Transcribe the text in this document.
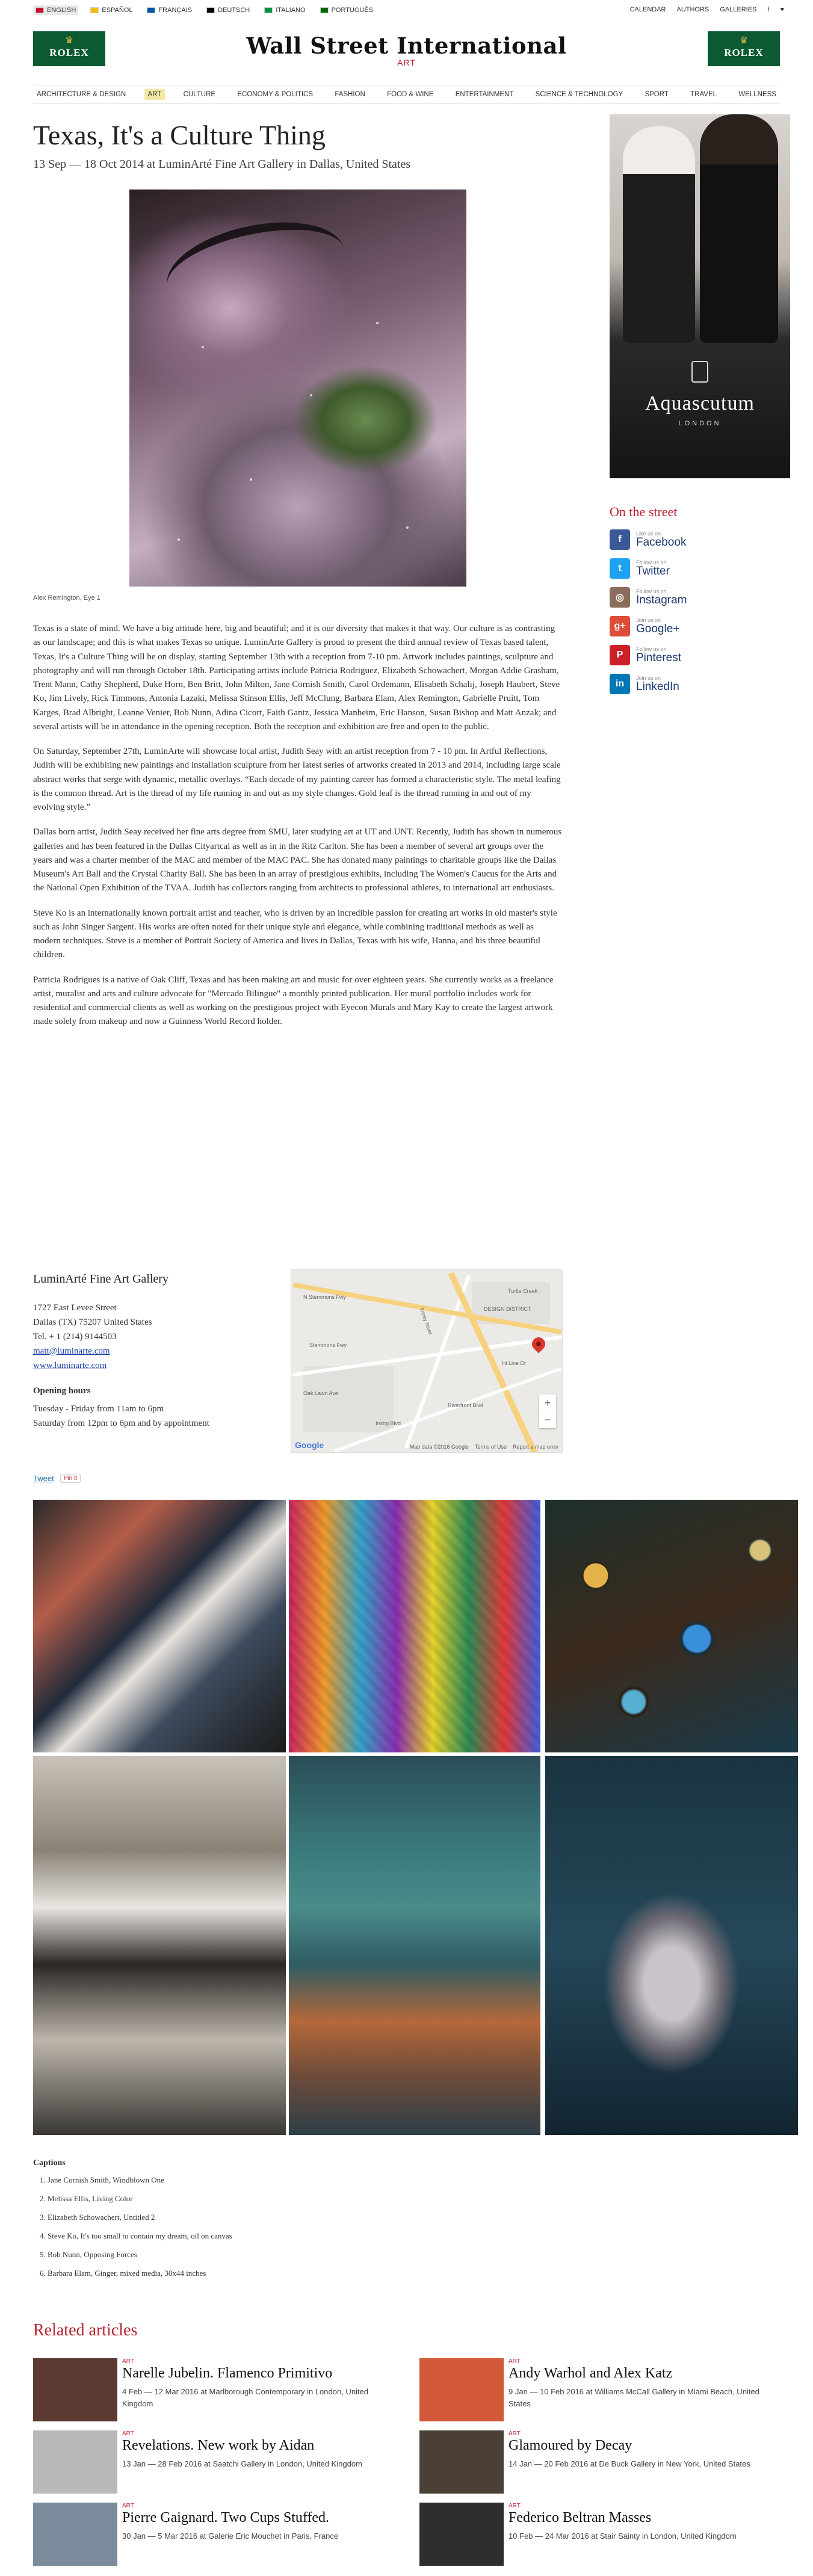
ENGLISH	ESPAÑOL	FRANÇAIS	DEUTSCH	ITALIANO	PORTUGUÊS	CALENDAR AUTHORS GALLERIES f ♥
♛
ROLEX	Wall Street International
ART
♛
ROLEX
ARCHITECTURE & DESIGN	ART	CULTURE	ECONOMY & POLITICS	FASHION	FOOD & WINE	ENTERTAINMENT	SCIENCE & TECHNOLOGY	SPORT	TRAVEL	WELLNESS
Texas, It's a Culture Thing
13 Sep — 18 Oct 2014 at LuminArté Fine Art Gallery in Dallas, United States
Alex Remington, Eye 1

Texas is a state of mind. We have a big attitude here, big and beautiful; and it is our diversity that makes it that way. Our culture is as contrasting as our landscape; and this is what makes Texas so unique. LuminArte Gallery is proud to present the third annual review of Texas based talent, Texas, It's a Culture Thing will be on display, starting September 13th with a reception from 7-10 pm. Artwork includes paintings, sculpture and photography and will run through October 18th. Participating artists include Patricia Rodriguez, Elizabeth Schowachert, Morgan Addie Grasham, Trent Mann, Cathy Shepherd, Duke Horn, Ben Britt, John Milton, Jane Cornish Smith, Carol Ordemann, Elisabeth Schalij, Joseph Haubert, Steve Ko, Jim Lively, Rick Timmons, Antonia Lazaki, Melissa Stinson Ellis, Jeff McClung, Barbara Elam, Alex Remington, Gabrielle Pruitt, Tom Karges, Brad Albright, Leanne Venier, Bob Nunn, Adina Cicort, Faith Gantz, Jessica Manheim, Eric Hanson, Susan Bishop and Matt Anzak; and several artists will be in attendance in the opening reception. Both the reception and exhibition are free and open to the public.

On Saturday, September 27th, LuminArte will showcase local artist, Judith Seay with an artist reception from 7 - 10 pm. In Artful Reflections, Judith will be exhibiting new paintings and installation sculpture from her latest series of artworks created in 2013 and 2014, including large scale abstract works that serge with dynamic, metallic overlays. “Each decade of my painting career has formed a characteristic style. The metal leafing is the common thread. Art is the thread of my life running in and out as my style changes. Gold leaf is the thread running in and out of my evolving style.”

Dallas born artist, Judith Seay received her fine arts degree from SMU, later studying art at UT and UNT. Recently, Judith has shown in numerous galleries and has been featured in the Dallas Cityartcal as well as in in the Ritz Carlton. She has been a member of several art groups over the years and was a charter member of the MAC and member of the MAC PAC. She has donated many paintings to charitable groups like the Dallas Museum's Art Ball and the Crystal Charity Ball. She has been in an array of prestigious exhibits, including The Women's Caucus for the Arts and the National Open Exhibition of the TVAA. Judith has collectors ranging from architects to professional athletes, to international art enthusiasts.

Steve Ko is an internationally known portrait artist and teacher, who is driven by an incredible passion for creating art works in old master's style such as John Singer Sargent. His works are often noted for their unique style and elegance, while combining traditional methods as well as modern techniques. Steve is a member of Portrait Society of America and lives in Dallas, Texas with his wife, Hanna, and his three beautiful children.

Patricia Rodrigues is a native of Oak Cliff, Texas and has been making art and music for over eighteen years. She currently works as a freelance artist, muralist and arts and culture advocate for "Mercado Bilingue" a monthly printed publication. Her mural portfolio includes work for residential and commercial clients as well as working on the prestigious project with Eyecon Murals and Mary Kay to create the largest artwork made solely from makeup and now a Guinness World Record holder.

LuminArté Fine Art Gallery
1727 East Levee Street
Dallas (TX) 75207 United States
Tel. + 1 (214) 9144503
matt@luminarte.com
www.luminarte.com
Opening hours
Tuesday - Friday from 11am to 6pm
Saturday from 12pm to 6pm and by appointment
Trinity River	DESIGN DISTRICT
Hi Line Dr
Stemmons Fwy
Oak Lawn Ave
Irving Blvd
Riverfront Blvd
Turtle Creek
N Stemmons Fwy
+
−
Google	Map data ©2016 Google Terms of Use Report a map error
Tweet	Pin it
Captions
1. Jane Cornish Smith, Windblown One
2. Melissa Ellis, Living Color
3. Elizabeth Schowachert, Untitled 2
4. Steve Ko, It's too small to contain my dream, oil on canvas
5. Bob Nunn, Opposing Forces
6. Barbara Elam, Ginger, mixed media, 30x44 inches
Related articles
ART
Narelle Jubelin. Flamenco Primitivo
4 Feb — 12 Mar 2016 at Marlborough Contemporary in London, United Kingdom
ART
Andy Warhol and Alex Katz
9 Jan — 10 Feb 2016 at Williams McCall Gallery in Miami Beach, United States
ART
Revelations. New work by Aidan
13 Jan — 28 Feb 2016 at Saatchi Gallery in London, United Kingdom
ART
Glamoured by Decay
14 Jan — 20 Feb 2016 at De Buck Gallery in New York, United States
ART
Pierre Gaignard. Two Cups Stuffed.
30 Jan — 5 Mar 2016 at Galerie Eric Mouchet in Paris, France
ART
Federico Beltran Masses
10 Feb — 24 Mar 2016 at Stair Sainty in London, United Kingdom
Aquascutum
LONDON
On the street
f
Like us on
Facebook
t
Follow us on
Twitter
◎
Follow us on
Instagram
g+
Join us on
Google+
P
Follow us on
Pinterest
in
Join us on
LinkedIn
